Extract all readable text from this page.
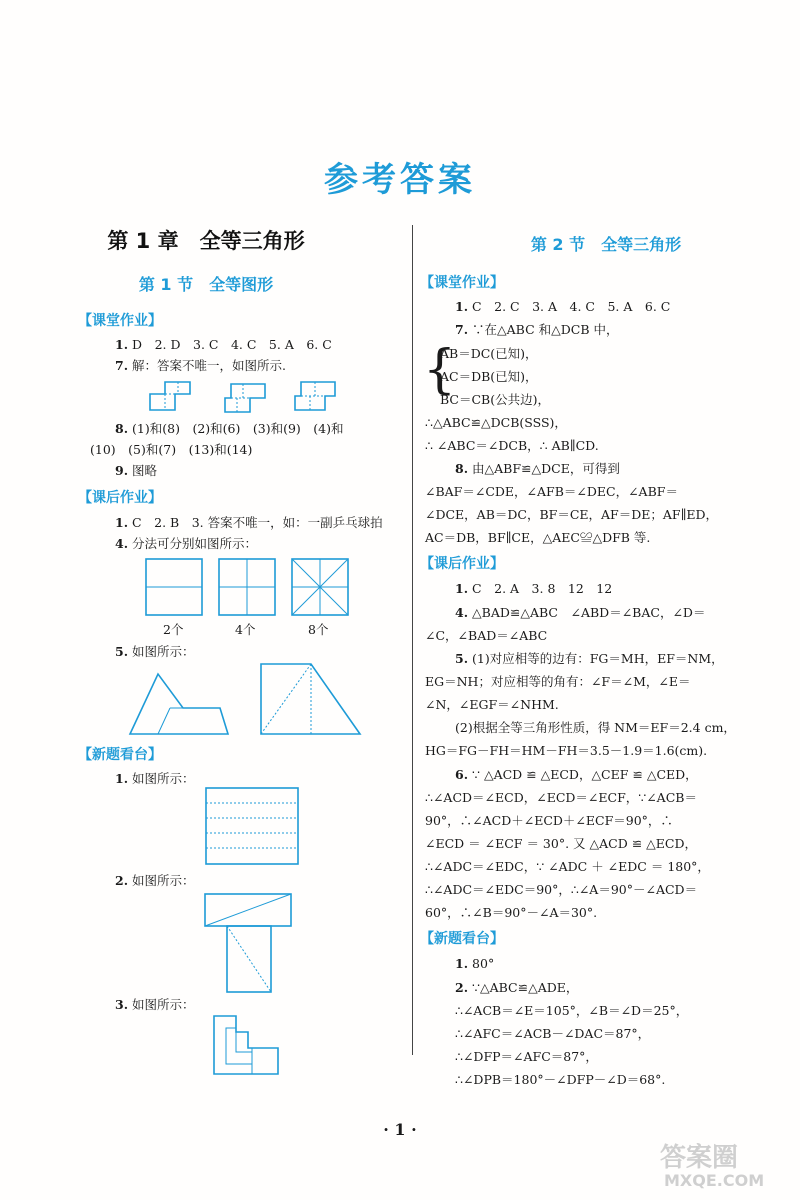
参考答案
第 1 章　全等三角形
第 1 节　全等图形
【课堂作业】
1. D　2. D　3. C　4. C　5. A　6. C
7. 解：答案不唯一，如图所示.
8. (1)和(8)　(2)和(6)　(3)和(9)　(4)和
(10)　(5)和(7)　(13)和(14)
9. 图略
【课后作业】
1. C　2. B　3. 答案不唯一，如：一副乒乓球拍
4. 分法可分别如图所示：
2个	4个	8个
5. 如图所示：
【新题看台】
1. 如图所示：
2. 如图所示：
3. 如图所示：
第 2 节　全等三角形
【课堂作业】
1. C　2. C　3. A　4. C　5. A　6. C
7. ∵在△ABC 和△DCB 中，
{
AB＝DC(已知)，
AC＝DB(已知)，
BC＝CB(公共边)，
∴△ABC≌△DCB(SSS)，
∴ ∠ABC＝∠DCB，∴ AB∥CD.
8. 由△ABF≌△DCE，可得到
∠BAF＝∠CDE，∠AFB＝∠DEC，∠ABF＝
∠DCE，AB＝DC，BF＝CE，AF＝DE；AF∥ED，
AC＝DB，BF∥CE，△AEC≌△DFB 等.
【课后作业】
1. C　2. A　3. 8　12　12
4. △BAD≌△ABC　∠ABD＝∠BAC，∠D＝
∠C，∠BAD＝∠ABC
5. (1)对应相等的边有：FG＝MH，EF＝NM，
EG＝NH；对应相等的角有：∠F＝∠M，∠E＝
∠N，∠EGF＝∠NHM.
(2)根据全等三角形性质，得 NM＝EF＝2.4 cm，
HG＝FG－FH＝HM－FH＝3.5－1.9＝1.6(cm).
6. ∵ △ACD ≌ △ECD，△CEF ≌ △CED，
∴∠ACD＝∠ECD，∠ECD＝∠ECF，∵∠ACB＝
90°，∴∠ACD＋∠ECD＋∠ECF＝90°，∴
∠ECD ＝ ∠ECF ＝ 30°. 又 △ACD ≌ △ECD，
∴∠ADC＝∠EDC，∵ ∠ADC ＋ ∠EDC ＝ 180°，
∴∠ADC＝∠EDC＝90°，∴∠A＝90°－∠ACD＝
60°，∴∠B＝90°－∠A＝30°.
【新题看台】
1. 80°
2. ∵△ABC≌△ADE，
∴∠ACB＝∠E＝105°，∠B＝∠D＝25°，
∴∠AFC＝∠ACB－∠DAC＝87°，
∴∠DFP＝∠AFC＝87°，
∴∠DPB＝180°－∠DFP－∠D＝68°.
· 1 ·
答案圈
MXQE.COM
